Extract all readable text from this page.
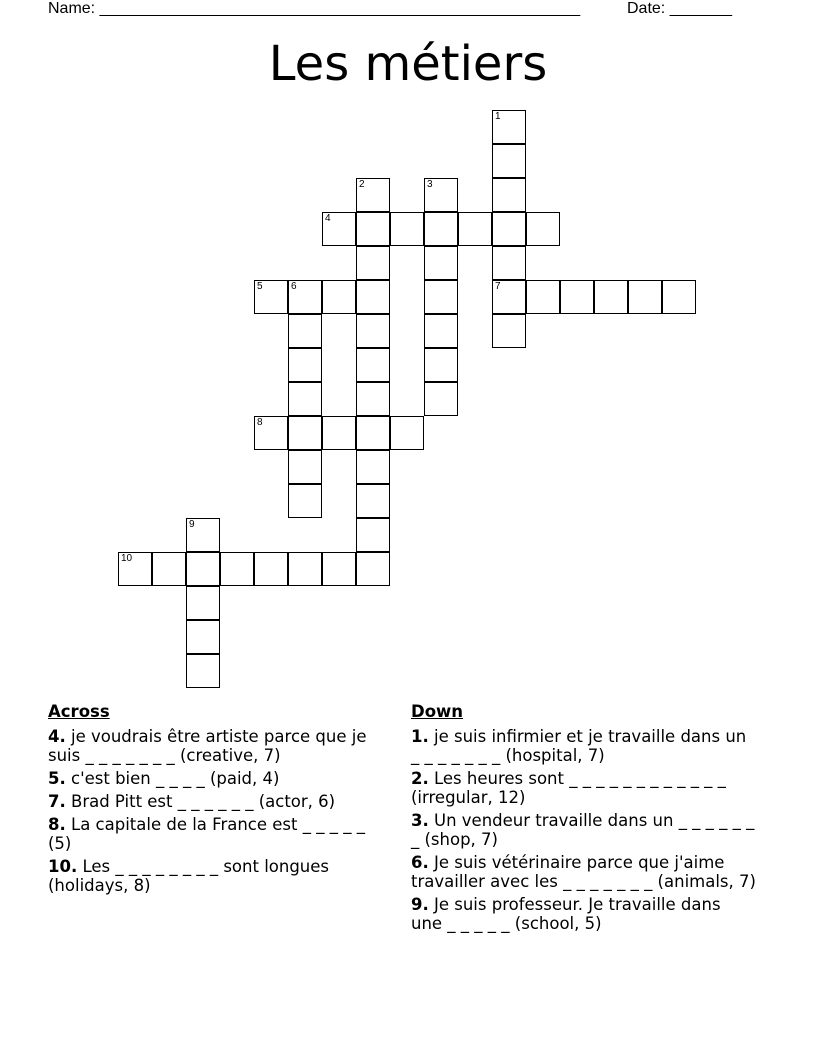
Name: ______________________________________________________	Date: _______
Les métiers
1
7
2	3
4
5	6
8
9
10
Across
4. je voudrais être artiste parce que je suis _ _ _ _ _ _ _ (creative, 7)
5. c'est bien _ _ _ _ (paid, 4)
7. Brad Pitt est _ _ _ _ _ _ (actor, 6)
8. La capitale de la France est _ _ _ _ _ (5)
10. Les _ _ _ _ _ _ _ _ sont longues (holidays, 8)
Down
1. je suis infirmier et je travaille dans un _ _ _ _ _ _ _ (hospital, 7)
2. Les heures sont _ _ _ _ _ _ _ _ _ _ _ _ (irregular, 12)
3. Un vendeur travaille dans un _ _ _ _ _ _ _ (shop, 7)
6. Je suis vétérinaire parce que j'aime travailler avec les _ _ _ _ _ _ _ (animals, 7)
9. Je suis professeur. Je travaille dans une _ _ _ _ _ (school, 5)
